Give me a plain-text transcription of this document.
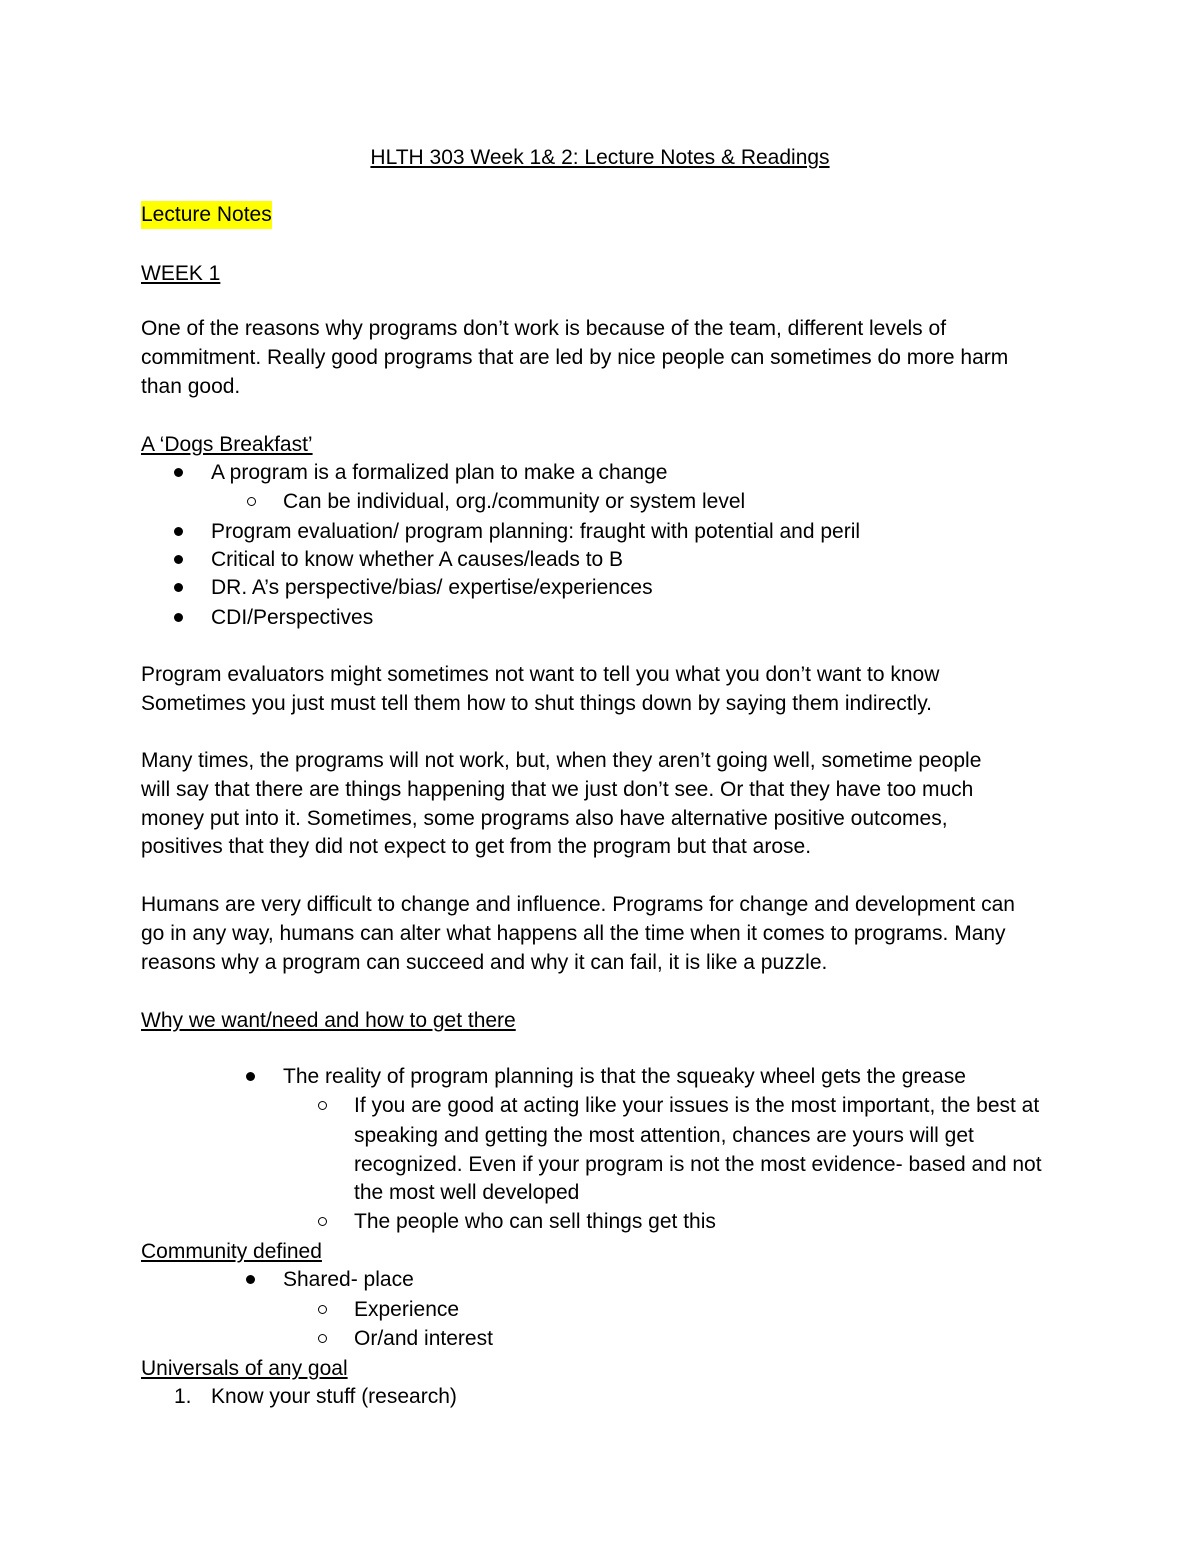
HLTH 303 Week 1& 2: Lecture Notes & Readings
Lecture Notes
WEEK 1
One of the reasons why programs don’t work is because of the team, different levels of
commitment. Really good programs that are led by nice people can sometimes do more harm
than good.
A ‘Dogs Breakfast’
A program is a formalized plan to make a change
Can be individual, org./community or system level
Program evaluation/ program planning: fraught with potential and peril
Critical to know whether A causes/leads to B
DR. A’s perspective/bias/ expertise/experiences
CDI/Perspectives
Program evaluators might sometimes not want to tell you what you don’t want to know
Sometimes you just must tell them how to shut things down by saying them indirectly.
Many times, the programs will not work, but, when they aren’t going well, sometime people
will say that there are things happening that we just don’t see. Or that they have too much
money put into it. Sometimes, some programs also have alternative positive outcomes,
positives that they did not expect to get from the program but that arose.
Humans are very difficult to change and influence. Programs for change and development can
go in any way, humans can alter what happens all the time when it comes to programs. Many
reasons why a program can succeed and why it can fail, it is like a puzzle.
Why we want/need and how to get there
The reality of program planning is that the squeaky wheel gets the grease
If you are good at acting like your issues is the most important, the best at
speaking and getting the most attention, chances are yours will get
recognized. Even if your program is not the most evidence- based and not
the most well developed
The people who can sell things get this
Community defined
Shared- place
Experience
Or/and interest
Universals of any goal
1. Know your stuff (research)
